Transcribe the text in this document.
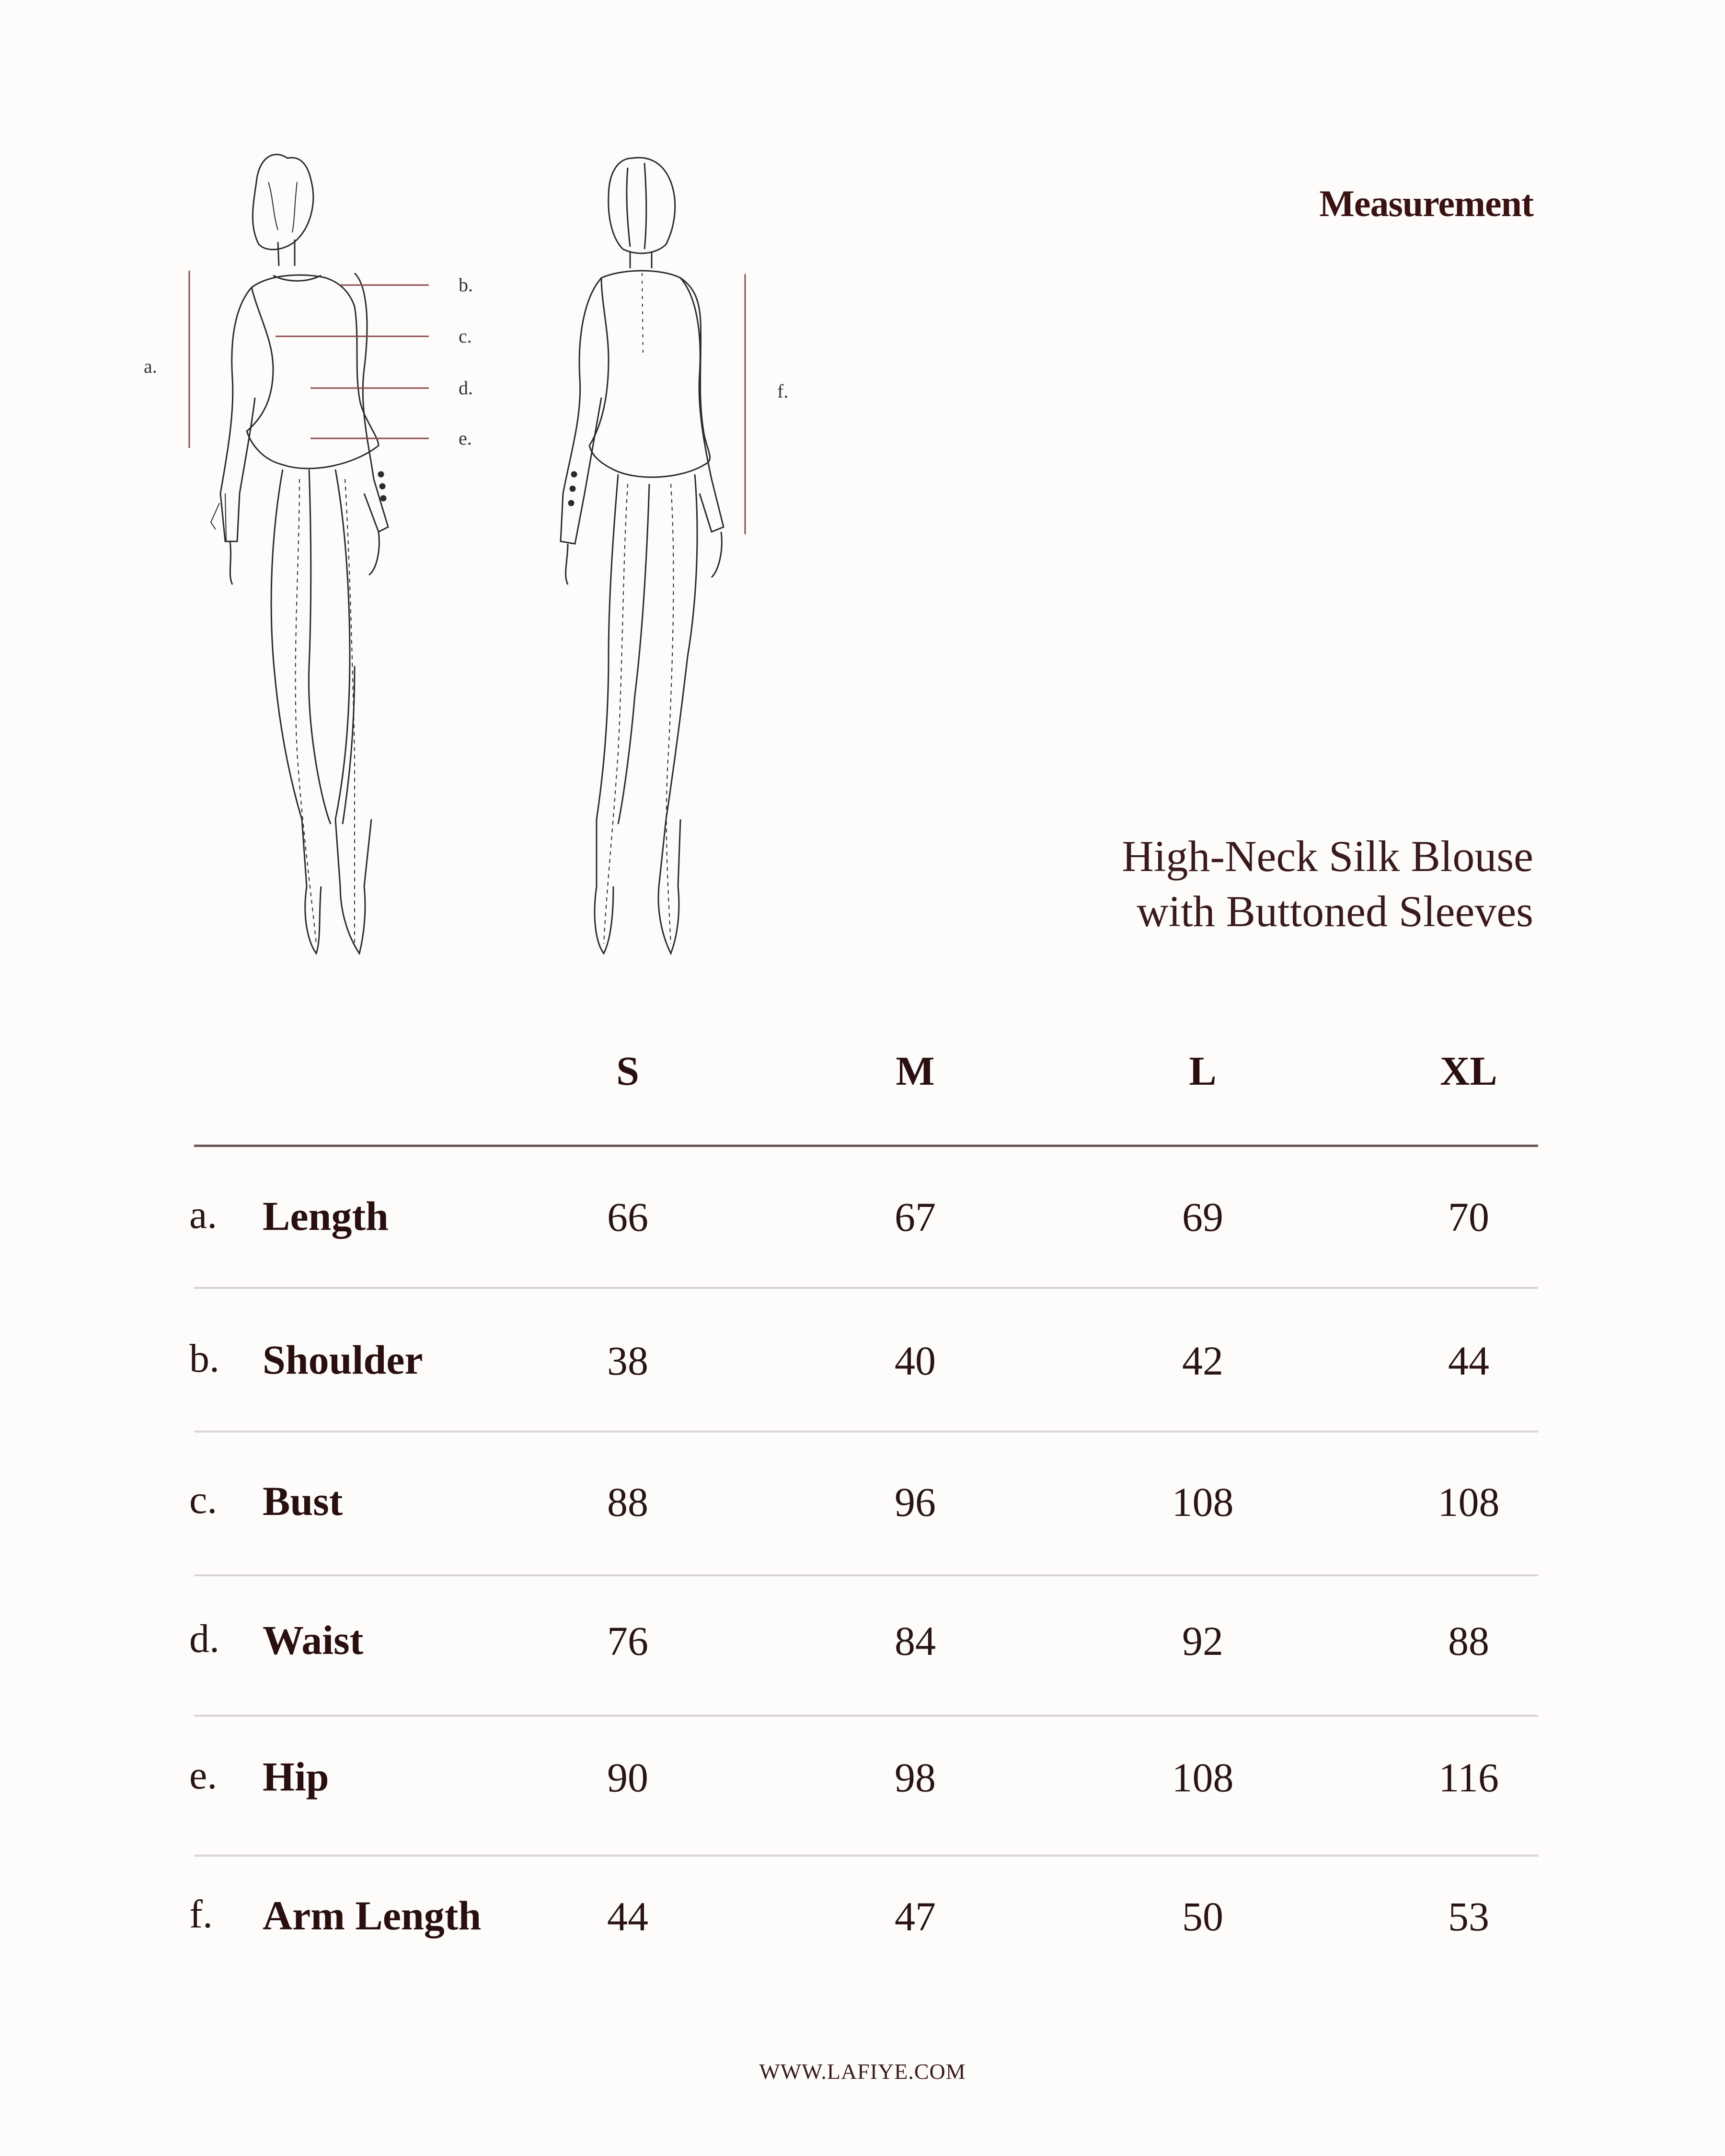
Measurement
a.
b.
c.
d.
e.
f.
High-Neck Silk Blouse
with Buttoned Sleeves
S	M	L	XL
a. Length	66	67	69	70
b. Shoulder	38	40	42	44
c. Bust	88	96	108	108
d. Waist	76	84	92	88
e. Hip	90	98	108	116
f. Arm Length	44	47	50	53
WWW.LAFIYE.COM
